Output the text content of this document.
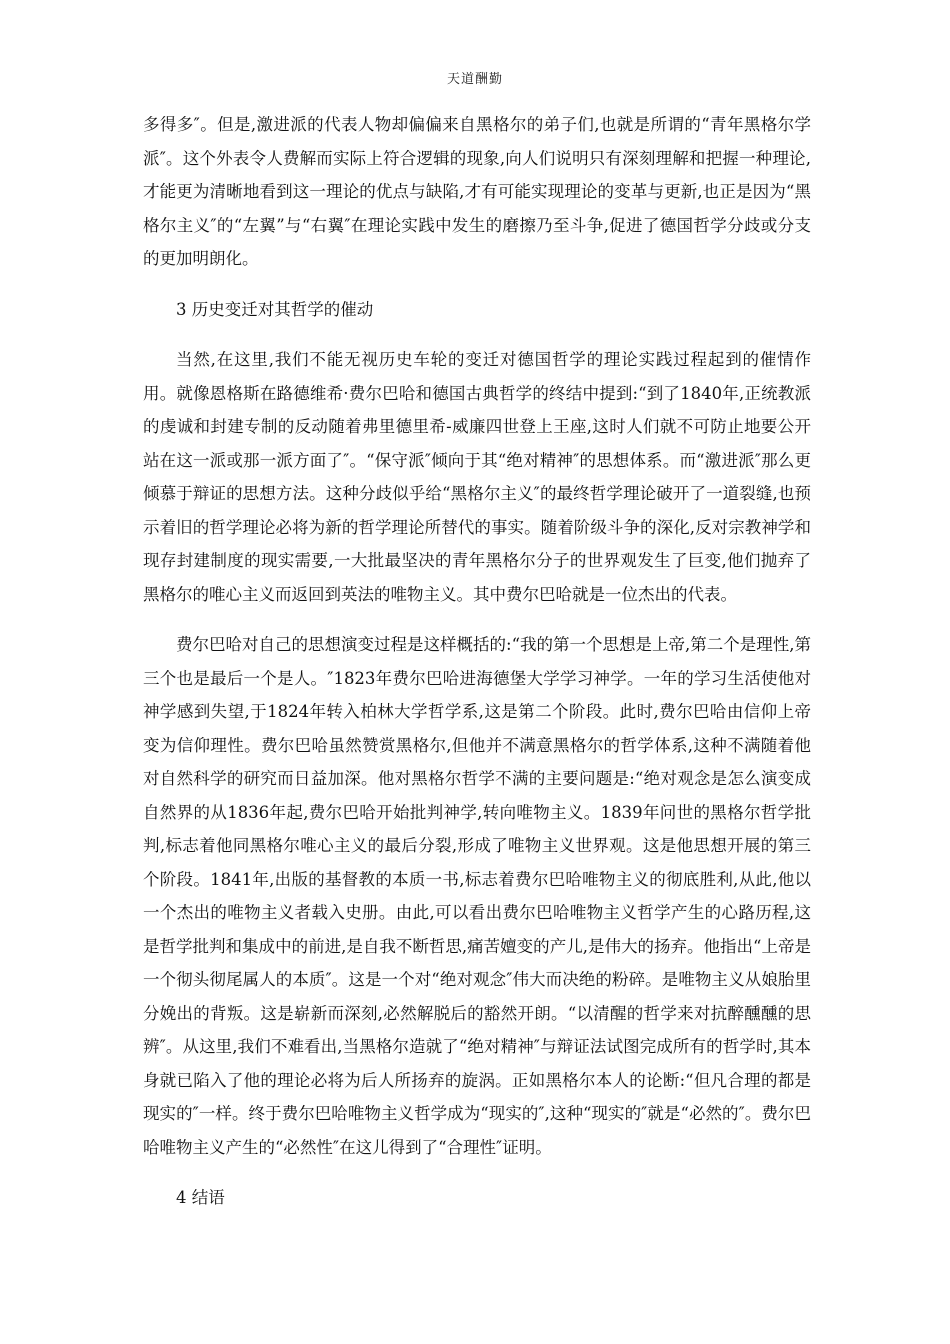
天道酬勤

多得多″。但是,激进派的代表人物却偏偏来自黑格尔的弟子们,也就是所谓的“青年黑格尔学派″。这个外表令人费解而实际上符合逻辑的现象,向人们说明只有深刻理解和把握一种理论,才能更为清晰地看到这一理论的优点与缺陷,才有可能实现理论的变革与更新,也正是因为“黑格尔主义″的“左翼”与“右翼″在理论实践中发生的磨擦乃至斗争,促进了德国哲学分歧或分支的更加明朗化。

3 历史变迁对其哲学的催动

当然,在这里,我们不能无视历史车轮的变迁对德国哲学的理论实践过程起到的催情作用。就像恩格斯在路德维希·费尔巴哈和德国古典哲学的终结中提到:“到了1840年,正统教派的虔诚和封建专制的反动随着弗里德里希-威廉四世登上王座,这时人们就不可防止地要公开站在这一派或那一派方面了″。“保守派″倾向于其“绝对精神″的思想体系。而“激进派″那么更倾慕于辩证的思想方法。这种分歧似乎给“黑格尔主义″的最终哲学理论破开了一道裂缝,也预示着旧的哲学理论必将为新的哲学理论所替代的事实。随着阶级斗争的深化,反对宗教神学和现存封建制度的现实需要,一大批最坚决的青年黑格尔分子的世界观发生了巨变,他们抛弃了黑格尔的唯心主义而返回到英法的唯物主义。其中费尔巴哈就是一位杰出的代表。

费尔巴哈对自己的思想演变过程是这样概括的:“我的第一个思想是上帝,第二个是理性,第三个也是最后一个是人。″1823年费尔巴哈进海德堡大学学习神学。一年的学习生活使他对神学感到失望,于1824年转入柏林大学哲学系,这是第二个阶段。此时,费尔巴哈由信仰上帝变为信仰理性。费尔巴哈虽然赞赏黑格尔,但他并不满意黑格尔的哲学体系,这种不满随着他对自然科学的研究而日益加深。他对黑格尔哲学不满的主要问题是:“绝对观念是怎么演变成自然界的从1836年起,费尔巴哈开始批判神学,转向唯物主义。1839年问世的黑格尔哲学批判,标志着他同黑格尔唯心主义的最后分裂,形成了唯物主义世界观。这是他思想开展的第三个阶段。1841年,出版的基督教的本质一书,标志着费尔巴哈唯物主义的彻底胜利,从此,他以一个杰出的唯物主义者载入史册。由此,可以看出费尔巴哈唯物主义哲学产生的心路历程,这是哲学批判和集成中的前进,是自我不断哲思,痛苦嬗变的产儿,是伟大的扬弃。他指出“上帝是一个彻头彻尾属人的本质″。这是一个对“绝对观念″伟大而决绝的粉碎。是唯物主义从娘胎里分娩出的背叛。这是崭新而深刻,必然解脱后的豁然开朗。“以清醒的哲学来对抗醉醺醺的思辨″。从这里,我们不难看出,当黑格尔造就了“绝对精神″与辩证法试图完成所有的哲学时,其本身就已陷入了他的理论必将为后人所扬弃的旋涡。正如黑格尔本人的论断:“但凡合理的都是现实的″一样。终于费尔巴哈唯物主义哲学成为“现实的″,这种“现实的″就是“必然的″。费尔巴哈唯物主义产生的“必然性″在这儿得到了“合理性″证明。

4 结语
